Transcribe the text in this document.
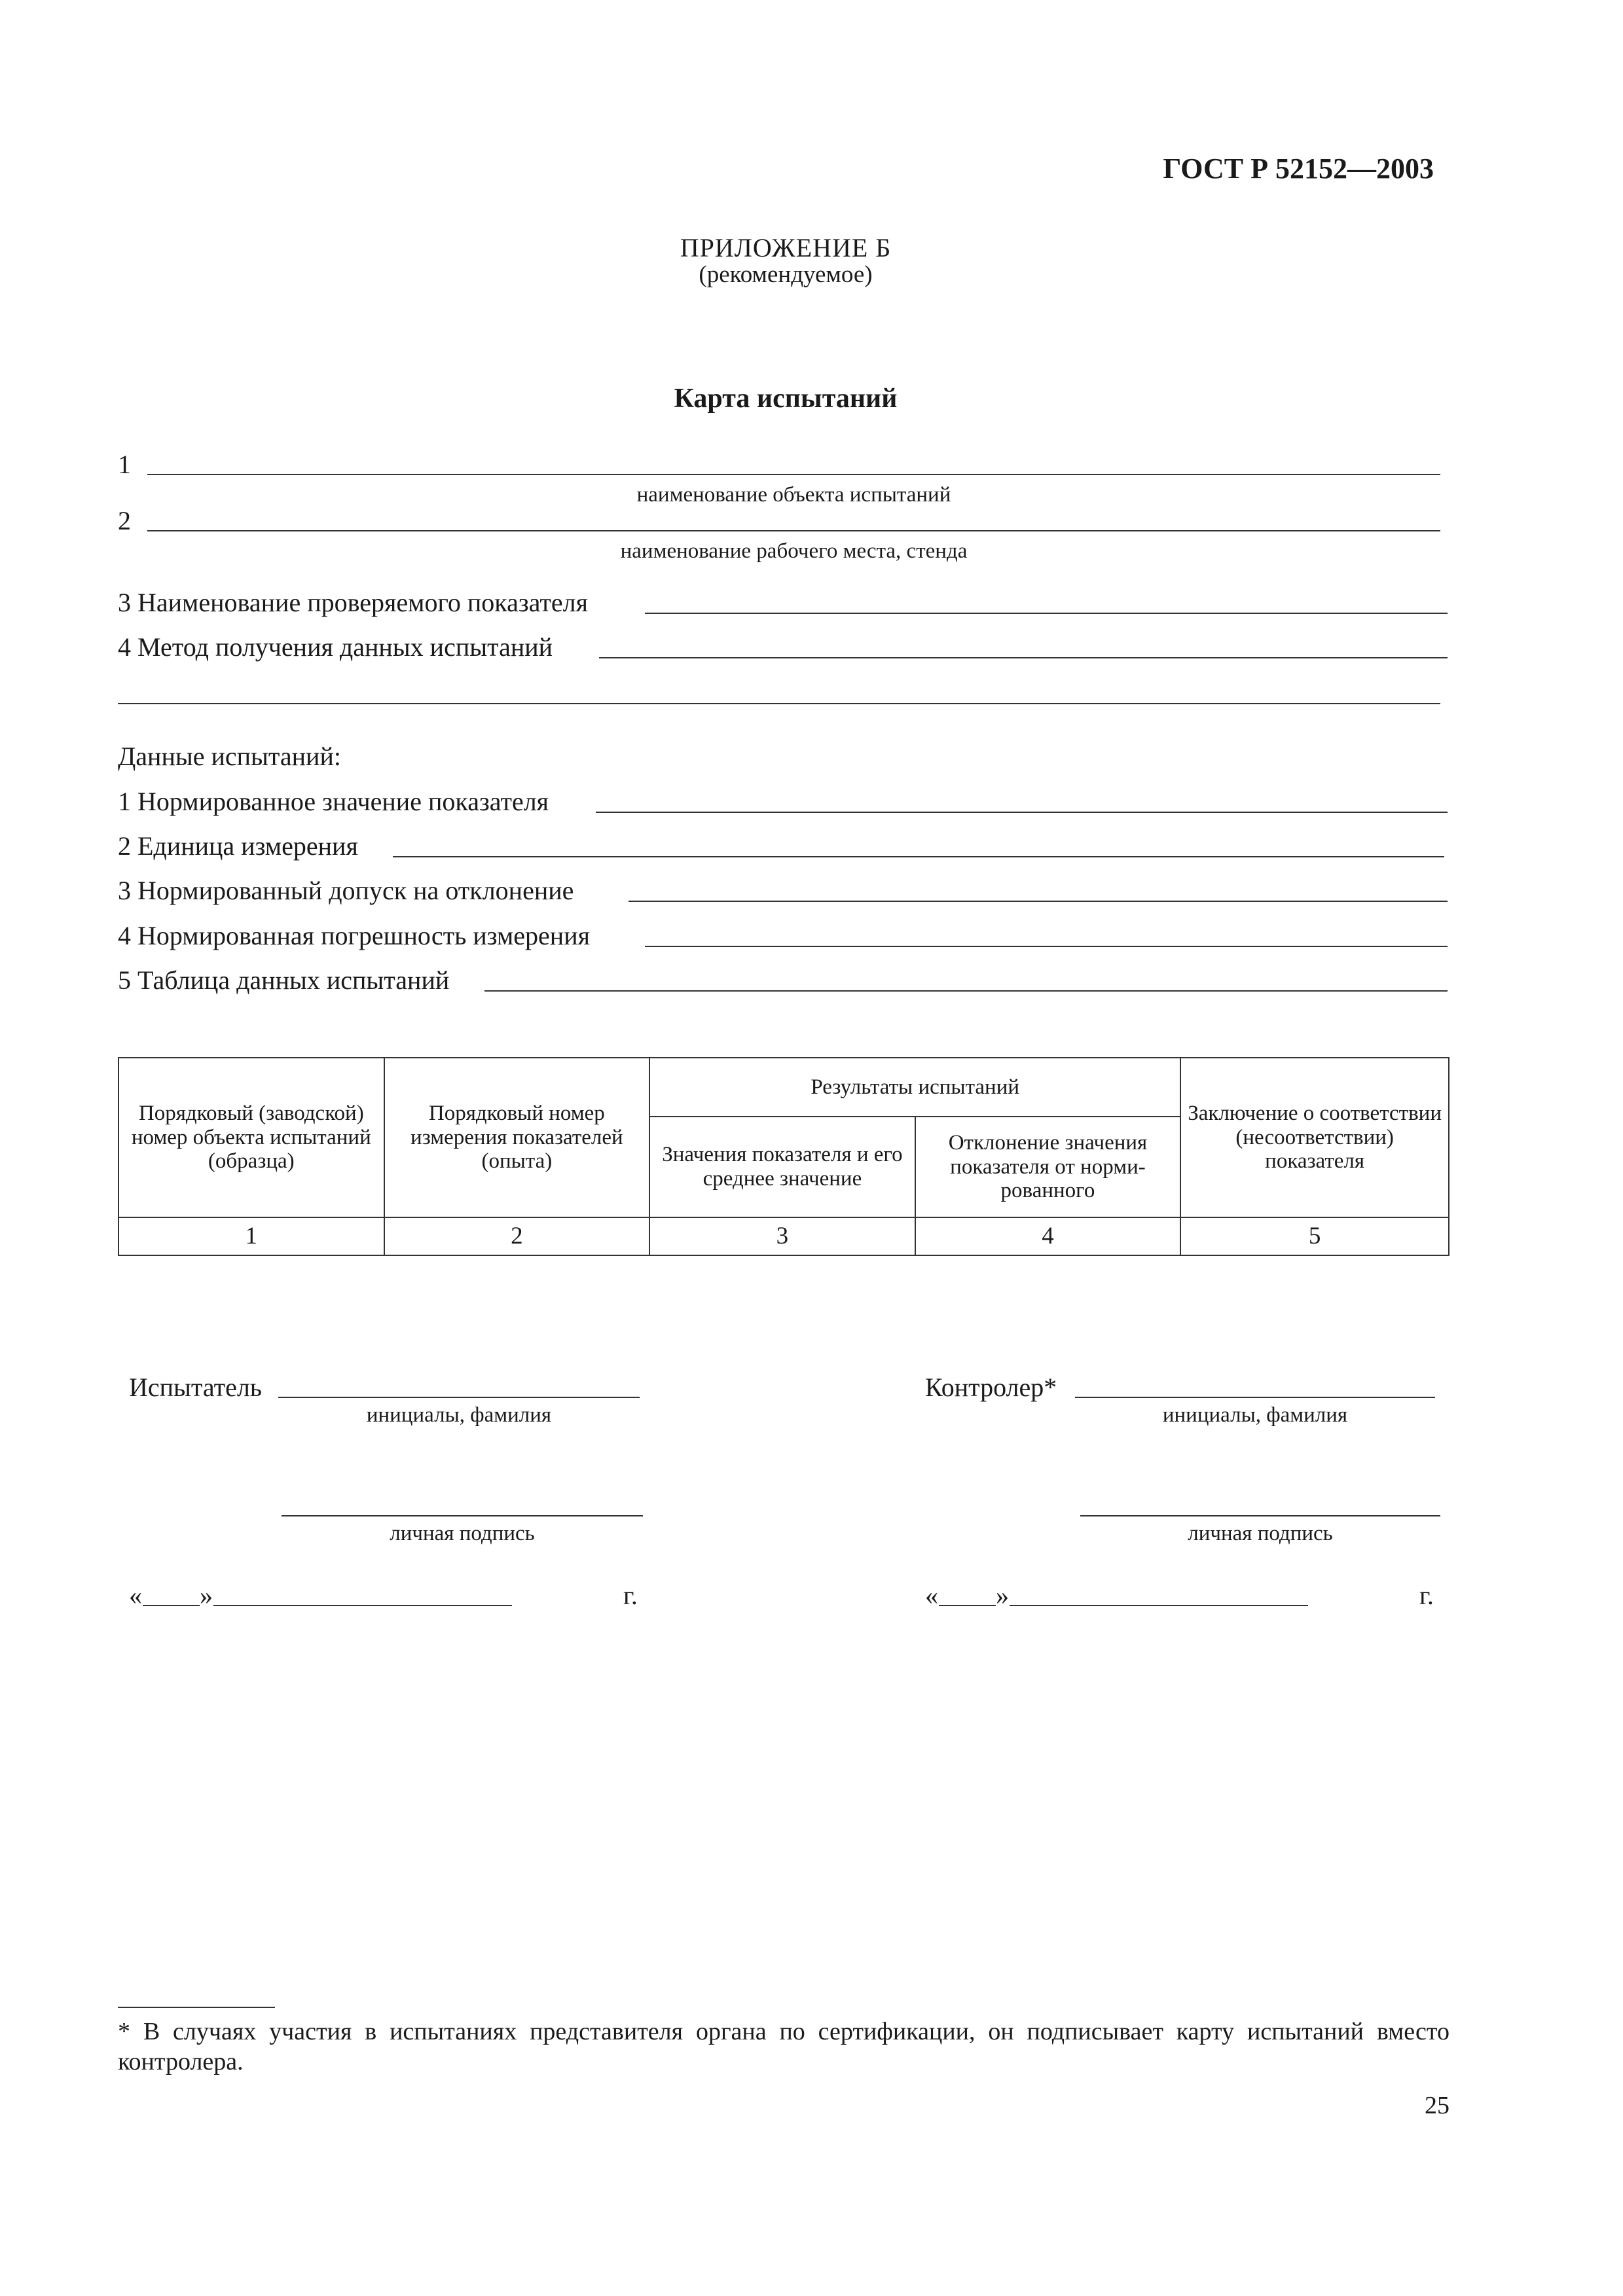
ГОСТ Р 52152—2003
ПРИЛОЖЕНИЕ Б
(рекомендуемое)
Карта испытаний
1
наименование объекта испытаний
2
наименование рабочего места, стенда
3 Наименование проверяемого показателя
4 Метод получения данных испытаний
Данные испытаний:
1 Нормированное значение показателя
2 Единица измерения
3 Нормированный допуск на отклонение
4 Нормированная погрешность измерения
5 Таблица данных испытаний
Порядковый (заводской) номер объекта испытаний (образца)	Порядковый номер измерения показателей (опыта)	Результаты испытаний		Заключение о соответствии (несоответствии) показателя
		Значения показателя и его среднее значение	Отклонение значения показателя от норми-рованного	
1	2	3	4	5
Испытатель
инициалы, фамилия
личная подпись
« »	г.
Контролер*
инициалы, фамилия
личная подпись
« »	г.
* В случаях участия в испытаниях представителя органа по сертификации, он подписывает карту испытаний вместо контролера.
25
